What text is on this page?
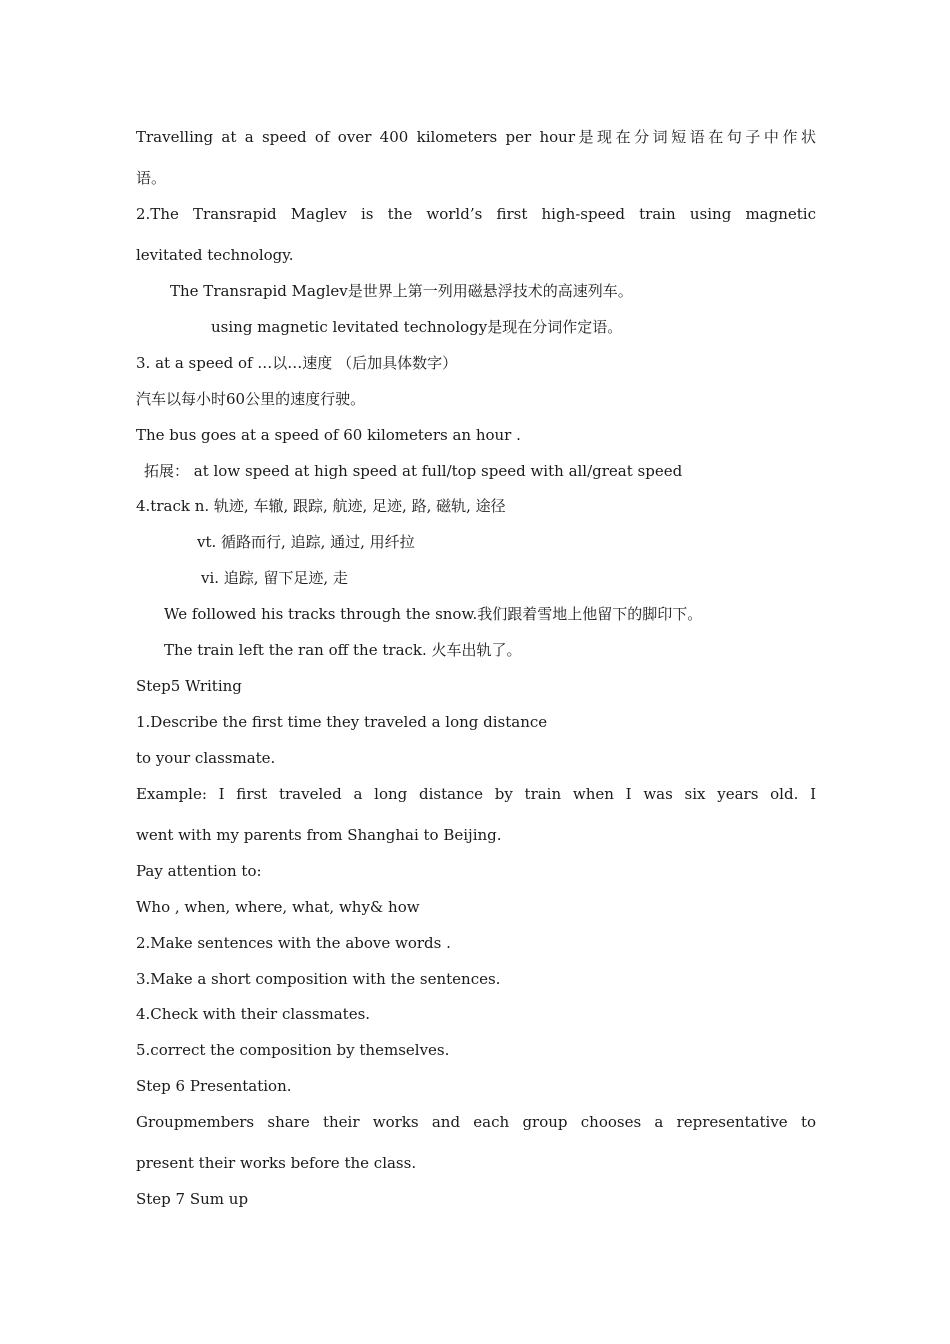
Travelling at a speed of over 400 kilometers per hour是现在分词短语在句子中作状
语。
2.The Transrapid Maglev is the world’s first high-speed train using magnetic
levitated technology.
The Transrapid Maglev是世界上第一列用磁悬浮技术的高速列车。
using magnetic levitated technology是现在分词作定语。
3. at a speed of …以…速度 （后加具体数字）
汽车以每小时60公里的速度行驶。
The bus goes at a speed of 60 kilometers an hour .
拓展： at low speed at high speed at full/top speed with all/great speed
4.track n. 轨迹, 车辙, 跟踪, 航迹, 足迹, 路, 磁轨, 途径
vt. 循路而行, 追踪, 通过, 用纤拉
vi. 追踪, 留下足迹, 走
We followed his tracks through the snow.我们跟着雪地上他留下的脚印下。
The train left the ran off the track. 火车出轨了。
Step5 Writing
1.Describe the first time they traveled a long distance
to your classmate.
Example: I first traveled a long distance by train when I was six years old. I
went with my parents from Shanghai to Beijing.
Pay attention to:
Who , when, where, what, why& how
2.Make sentences with the above words .
3.Make a short composition with the sentences.
4.Check with their classmates.
5.correct the composition by themselves.
Step 6 Presentation.
Groupmembers share their works and each group chooses a representative to
present their works before the class.
Step 7 Sum up
